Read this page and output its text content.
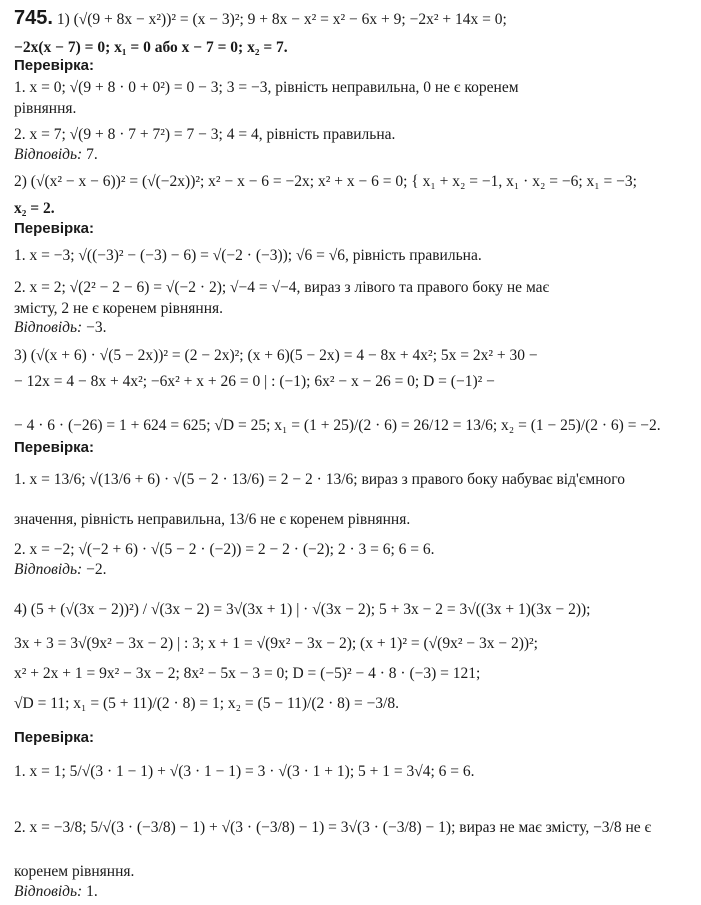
745. 1) (√(9 + 8x − x²))² = (x − 3)²; 9 + 8x − x² = x² − 6x + 9; −2x² + 14x = 0;
−2x(x − 7) = 0; x₁ = 0 або x − 7 = 0; x₂ = 7.
Перевірка:
1. x = 0; √(9 + 8 · 0 + 0²) = 0 − 3; 3 = −3, рівність неправильна, 0 не є коренем
рівняння.
2. x = 7; √(9 + 8 · 7 + 7²) = 7 − 3; 4 = 4, рівність правильна.
Відповідь: 7.
2) (√(x² − x − 6))² = (√(−2x))²; x² − x − 6 = −2x; x² + x − 6 = 0; { x₁ + x₂ = −1, x₁ · x₂ = −6; x₁ = −3;
x₂ = 2.
Перевірка:
1. x = −3; √((−3)² − (−3) − 6) = √(−2 · (−3)); √6 = √6, рівність правильна.
2. x = 2; √(2² − 2 − 6) = √(−2 · 2); √−4 = √−4, вираз з лівого та правого боку не має
змісту, 2 не є коренем рівняння.
Відповідь: −3.
3) (√(x + 6) · √(5 − 2x))² = (2 − 2x)²; (x + 6)(5 − 2x) = 4 − 8x + 4x²; 5x = 2x² + 30 −
− 12x = 4 − 8x + 4x²; −6x² + x + 26 = 0 | : (−1); 6x² − x − 26 = 0; D = (−1)² −
− 4 · 6 · (−26) = 1 + 624 = 625; √D = 25; x₁ = (1 + 25)/(2 · 6) = 26/12 = 13/6; x₂ = (1 − 25)/(2 · 6) = −2.
Перевірка:
1. x = 13/6; √(13/6 + 6) · √(5 − 2 · 13/6) = 2 − 2 · 13/6; вираз з правого боку набуває від'ємного
значення, рівність неправильна, 13/6 не є коренем рівняння.
2. x = −2; √(−2 + 6) · √(5 − 2 · (−2)) = 2 − 2 · (−2); 2 · 3 = 6; 6 = 6.
Відповідь: −2.
4) (5 + (√(3x − 2))²) / √(3x − 2) = 3√(3x + 1) | · √(3x − 2); 5 + 3x − 2 = 3√((3x + 1)(3x − 2));
3x + 3 = 3√(9x² − 3x − 2) | : 3; x + 1 = √(9x² − 3x − 2); (x + 1)² = (√(9x² − 3x − 2))²;
x² + 2x + 1 = 9x² − 3x − 2; 8x² − 5x − 3 = 0; D = (−5)² − 4 · 8 · (−3) = 121;
√D = 11; x₁ = (5 + 11)/(2 · 8) = 1; x₂ = (5 − 11)/(2 · 8) = −3/8.
Перевірка:
1. x = 1; 5/√(3 · 1 − 1) + √(3 · 1 − 1) = 3 · √(3 · 1 + 1); 5 + 1 = 3√4; 6 = 6.
2. x = −3/8; 5/√(3 · (−3/8) − 1) + √(3 · (−3/8) − 1) = 3√(3 · (−3/8) − 1); вираз не має змісту, −3/8 не є
коренем рівняння.
Відповідь: 1.
